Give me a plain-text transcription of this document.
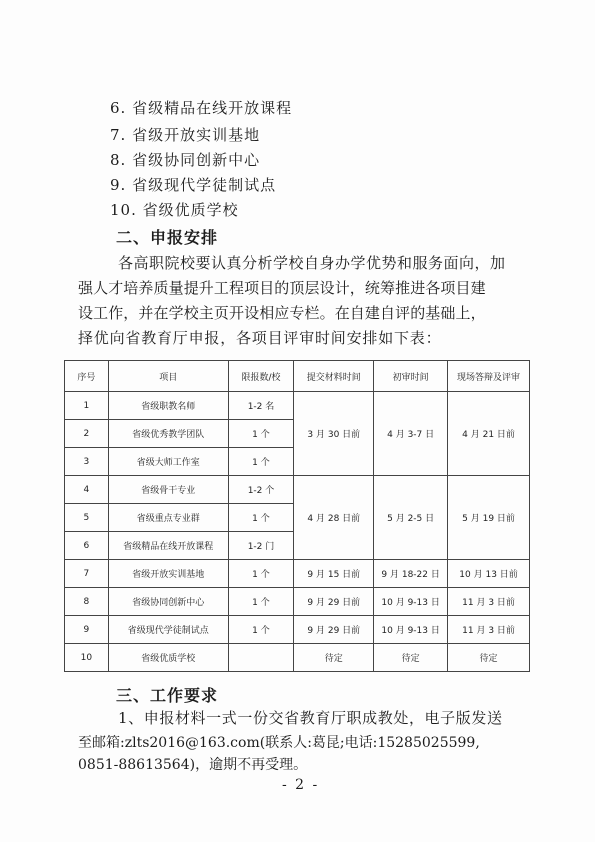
6. 省级精品在线开放课程
7. 省级开放实训基地
8. 省级协同创新中心
9. 省级现代学徒制试点
10. 省级优质学校
二、申报安排
各高职院校要认真分析学校自身办学优势和服务面向，加
强人才培养质量提升工程项目的顶层设计，统筹推进各项目建
设工作，并在学校主页开设相应专栏。在自建自评的基础上，
择优向省教育厅申报，各项目评审时间安排如下表：
序号	项目	限报数/校	提交材料时间	初审时间	现场答辩及评审
1	省级职教名师	1-2 名	3 月 30 日前	4 月 3-7 日	4 月 21 日前
2	省级优秀教学团队	1 个			
3	省级大师工作室	1 个			
4	省级骨干专业	1-2 个	4 月 28 日前	5 月 2-5 日	5 月 19 日前
5	省级重点专业群	1 个			
6	省级精品在线开放课程	1-2 门			
7	省级开放实训基地	1 个	9 月 15 日前	9 月 18-22 日	10 月 13 日前
8	省级协同创新中心	1 个	9 月 29 日前	10 月 9-13 日	11 月 3 日前
9	省级现代学徒制试点	1 个	9 月 29 日前	10 月 9-13 日	11 月 3 日前
10	省级优质学校		待定	待定	待定
三、工作要求
1、申报材料一式一份交省教育厅职成教处，电子版发送
至邮箱:zlts2016@163.com(联系人:葛昆;电话:15285025599,
0851-88613564)，逾期不再受理。
- 2 -
